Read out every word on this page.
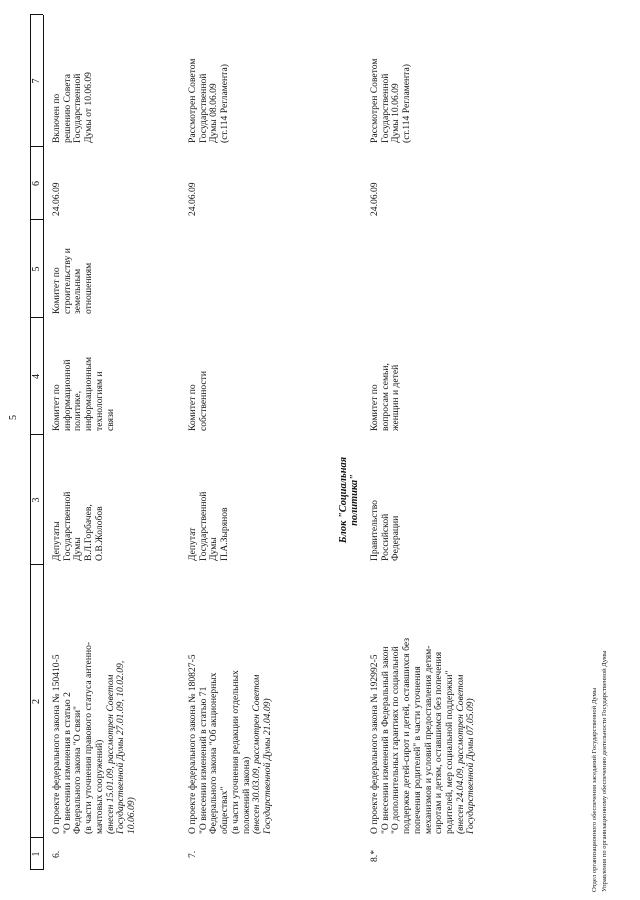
5
1
2
3
4
5
6
7
6.
О проекте федерального закона № 150410-5
"О внесении изменения в статью 2
Федерального закона "О связи"
(в части уточнения правового статуса антенно-
мачтовых сооружений)
(внесен 15.01.09, рассмотрен Советом
Государственной Думы 27.01.09, 10.02.09,
10.06.09)
Депутаты
Государственной
Думы
В.Л.Горбачев,
О.В.Жолобов
Комитет по
информационной
политике,
информационным
технологиям и
связи
Комитет по
строительству и
земельным
отношениям
24.06.09
Включен по
решению Совета
Государственной
Думы от 10.06.09
7.
О проекте федерального закона № 180827-5
"О внесении изменений в статью 71
Федерального закона "Об акционерных
обществах"
(в части уточнения редакции отдельных
положений закона)
(внесен 30.03.09, рассмотрен Советом
Государственной Думы 21.04.09)
Депутат
Государственной
Думы
П.А.Зырянов
Комитет по
собственности
24.06.09
Рассмотрен Советом
Государственной
Думы 08.06.09
(ст.114 Регламента)
Блок "Социальная политика"
8.*
О проекте федерального закона № 192992-5
"О внесении изменений в Федеральный закон
"О дополнительных гарантиях по социальной
поддержке детей-сирот и детей, оставшихся без
попечения родителей" в части уточнения
механизмов и условий предоставления детям-
сиротам и детям, оставшимся без попечения
родителей, мер социальной поддержки"
(внесен 24.04.09, рассмотрен Советом
Государственной Думы 07.05.09)
Правительство
Российской
Федерации
Комитет по
вопросам семьи,
женщин и детей
24.06.09
Рассмотрен Советом
Государственной
Думы 10.06.09
(ст.114 Регламента)
Отдел организационного обеспечения заседаний Государственной Думы Управления по организационному обеспечению деятельности Государственной Думы
